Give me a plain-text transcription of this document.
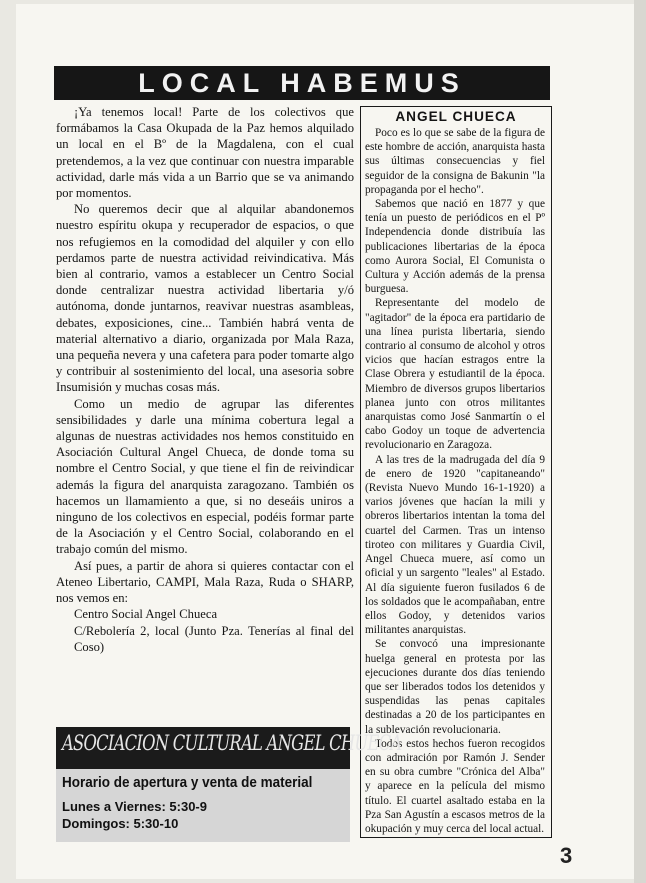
LOCAL HABEMUS

¡Ya tenemos local! Parte de los colectivos que formábamos la Casa Okupada de la Paz hemos alquilado un local en el Bº de la Magdalena, con el cual pretendemos, a la vez que continuar con nuestra imparable actividad, darle más vida a un Barrio que se va animando por momentos.

No queremos decir que al alquilar abandonemos nuestro espíritu okupa y recuperador de espacios, o que nos refugiemos en la comodidad del alquiler y con ello perdamos parte de nuestra actividad reivindicativa. Más bien al contrario, vamos a establecer un Centro Social donde centralizar nuestra actividad libertaria y/ó autónoma, donde juntarnos, reavivar nuestras asambleas, debates, exposiciones, cine... También habrá venta de material alternativo a diario, organizada por Mala Raza, una pequeña nevera y una cafetera para poder tomarte algo y contribuir al sostenimiento del local, una asesoria sobre Insumisión y muchas cosas más.

Como un medio de agrupar las diferentes sensibilidades y darle una mínima cobertura legal a algunas de nuestras actividades nos hemos constituido en Asociación Cultural Angel Chueca, de donde toma su nombre el Centro Social, y que tiene el fin de reivindicar además la figura del anarquista zaragozano. También os hacemos un llamamiento a que, si no deseáis uniros a ninguno de los colectivos en especial, podéis formar parte de la Asociación y el Centro Social, colaborando en el trabajo común del mismo.

Así pues, a partir de ahora si quieres contactar con el Ateneo Libertario, CAMPI, Mala Raza, Ruda o SHARP, nos vemos en:

Centro Social Angel Chueca

C/Rebolería 2, local (Junto Pza. Tenerías al final del Coso)

ANGEL CHUECA

Poco es lo que se sabe de la figura de este hombre de acción, anarquista hasta sus últimas consecuencias y fiel seguidor de la consigna de Bakunin "la propaganda por el hecho".

Sabemos que nació en 1877 y que tenía un puesto de periódicos en el Pº Independencia donde distribuía las publicaciones libertarias de la época como Aurora Social, El Comunista o Cultura y Acción además de la prensa burguesa.

Representante del modelo de "agitador" de la época era partidario de una línea purista libertaria, siendo contrario al consumo de alcohol y otros vicios que hacían estragos entre la Clase Obrera y estudiantil de la época. Miembro de diversos grupos libertarios planea junto con otros militantes anarquistas como José Sanmartín o el cabo Godoy un toque de advertencia revolucionario en Zaragoza.

A las tres de la madrugada del día 9 de enero de 1920 "capitaneando" (Revista Nuevo Mundo 16-1-1920) a varios jóvenes que hacían la mili y obreros libertarios intentan la toma del cuartel del Carmen. Tras un intenso tiroteo con militares y Guardia Civil, Angel Chueca muere, así como un oficial y un sargento "leales" al Estado. Al día siguiente fueron fusilados 6 de los soldados que le acompañaban, entre ellos Godoy, y detenidos varios militantes anarquistas.

Se convocó una impresionante huelga general en protesta por las ejecuciones durante dos días teniendo que ser liberados todos los detenidos y suspendidas las penas capitales destinadas a 20 de los participantes en la sublevación revolucionaria.

Todos estos hechos fueron recogidos con admiración por Ramón J. Sender en su obra cumbre "Crónica del Alba" y aparece en la película del mismo título. El cuartel asaltado estaba en la Pza San Agustín a escasos metros de la okupación y muy cerca del local actual.

ASOCIACION CULTURAL ANGEL CHUECA
Horario de apertura y venta de material
Lunes a Viernes: 5:30-9
Domingos: 5:30-10
3
